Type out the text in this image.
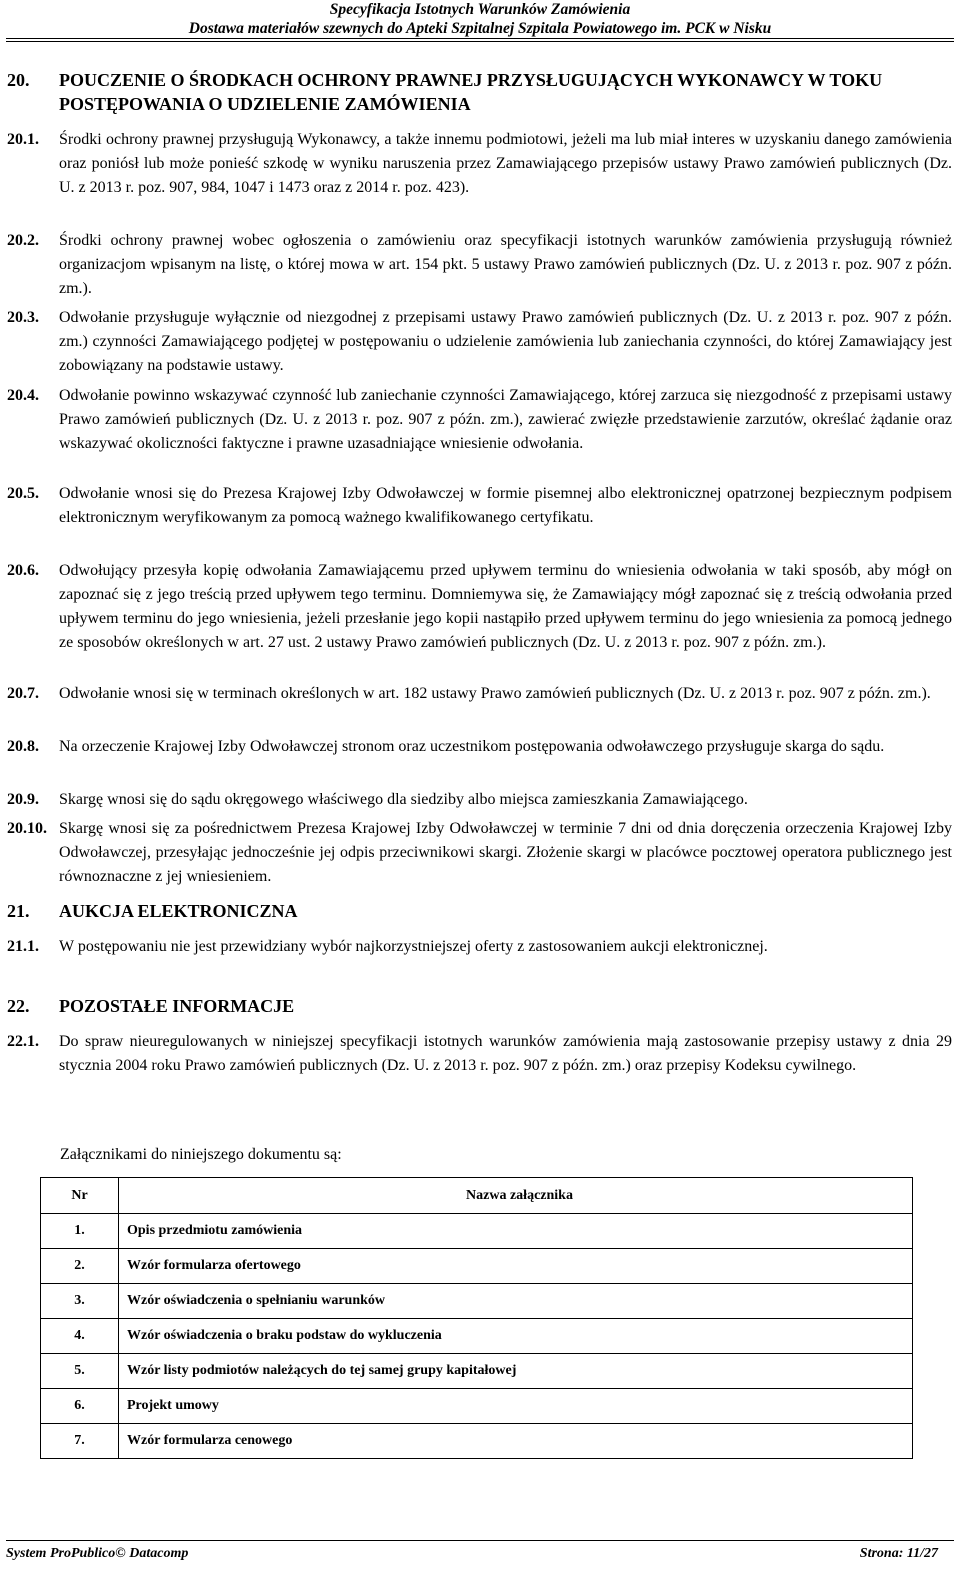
Specyfikacja Istotnych Warunków Zamówienia
Dostawa materiałów szewnych do Apteki Szpitalnej Szpitala Powiatowego im. PCK w Nisku
20. POUCZENIE O ŚRODKACH OCHRONY PRAWNEJ PRZYSŁUGUJĄCYCH WYKONAWCY W TOKU POSTĘPOWANIA O UDZIELENIE ZAMÓWIENIA
20.1. Środki ochrony prawnej przysługują Wykonawcy, a także innemu podmiotowi, jeżeli ma lub miał interes w uzyskaniu danego zamówienia oraz poniósł lub może ponieść szkodę w wyniku naruszenia przez Zamawiającego przepisów ustawy Prawo zamówień publicznych (Dz. U. z 2013 r. poz. 907, 984, 1047 i 1473 oraz z 2014 r. poz. 423).
20.2. Środki ochrony prawnej wobec ogłoszenia o zamówieniu oraz specyfikacji istotnych warunków zamówienia przysługują również organizacjom wpisanym na listę, o której mowa w art. 154 pkt. 5 ustawy Prawo zamówień publicznych (Dz. U. z 2013 r. poz. 907 z późn. zm.).
20.3. Odwołanie przysługuje wyłącznie od niezgodnej z przepisami ustawy Prawo zamówień publicznych (Dz. U. z 2013 r. poz. 907 z późn. zm.) czynności Zamawiającego podjętej w postępowaniu o udzielenie zamówienia lub zaniechania czynności, do której Zamawiający jest zobowiązany na podstawie ustawy.
20.4. Odwołanie powinno wskazywać czynność lub zaniechanie czynności Zamawiającego, której zarzuca się niezgodność z przepisami ustawy Prawo zamówień publicznych (Dz. U. z 2013 r. poz. 907 z późn. zm.), zawierać zwięzłe przedstawienie zarzutów, określać żądanie oraz wskazywać okoliczności faktyczne i prawne uzasadniające wniesienie odwołania.
20.5. Odwołanie wnosi się do Prezesa Krajowej Izby Odwoławczej w formie pisemnej albo elektronicznej opatrzonej bezpiecznym podpisem elektronicznym weryfikowanym za pomocą ważnego kwalifikowanego certyfikatu.
20.6. Odwołujący przesyła kopię odwołania Zamawiającemu przed upływem terminu do wniesienia odwołania w taki sposób, aby mógł on zapoznać się z jego treścią przed upływem tego terminu. Domniemywa się, że Zamawiający mógł zapoznać się z treścią odwołania przed upływem terminu do jego wniesienia, jeżeli przesłanie jego kopii nastąpiło przed upływem terminu do jego wniesienia za pomocą jednego ze sposobów określonych w art. 27 ust. 2 ustawy Prawo zamówień publicznych (Dz. U. z 2013 r. poz. 907 z późn. zm.).
20.7. Odwołanie wnosi się w terminach określonych w art. 182 ustawy Prawo zamówień publicznych (Dz. U. z 2013 r. poz. 907 z późn. zm.).
20.8. Na orzeczenie Krajowej Izby Odwoławczej stronom oraz uczestnikom postępowania odwoławczego przysługuje skarga do sądu.
20.9. Skargę wnosi się do sądu okręgowego właściwego dla siedziby albo miejsca zamieszkania Zamawiającego.
20.10. Skargę wnosi się za pośrednictwem Prezesa Krajowej Izby Odwoławczej w terminie 7 dni od dnia doręczenia orzeczenia Krajowej Izby Odwoławczej, przesyłając jednocześnie jej odpis przeciwnikowi skargi. Złożenie skargi w placówce pocztowej operatora publicznego jest równoznaczne z jej wniesieniem.
21. AUKCJA ELEKTRONICZNA
21.1. W postępowaniu nie jest przewidziany wybór najkorzystniejszej oferty z zastosowaniem aukcji elektronicznej.
22. POZOSTAŁE INFORMACJE
22.1. Do spraw nieuregulowanych w niniejszej specyfikacji istotnych warunków zamówienia mają zastosowanie przepisy ustawy z dnia 29 stycznia 2004 roku Prawo zamówień publicznych (Dz. U. z 2013 r. poz. 907 z późn. zm.) oraz przepisy Kodeksu cywilnego.
Załącznikami do niniejszego dokumentu są:
Nr	Nazwa załącznika
1.	Opis przedmiotu zamówienia
2.	Wzór formularza ofertowego
3.	Wzór oświadczenia o spełnianiu warunków
4.	Wzór oświadczenia o braku podstaw do wykluczenia
5.	Wzór listy podmiotów należących do tej samej grupy kapitałowej
6.	Projekt umowy
7.	Wzór formularza cenowego
System ProPublico© Datacomp	Strona: 11/27
